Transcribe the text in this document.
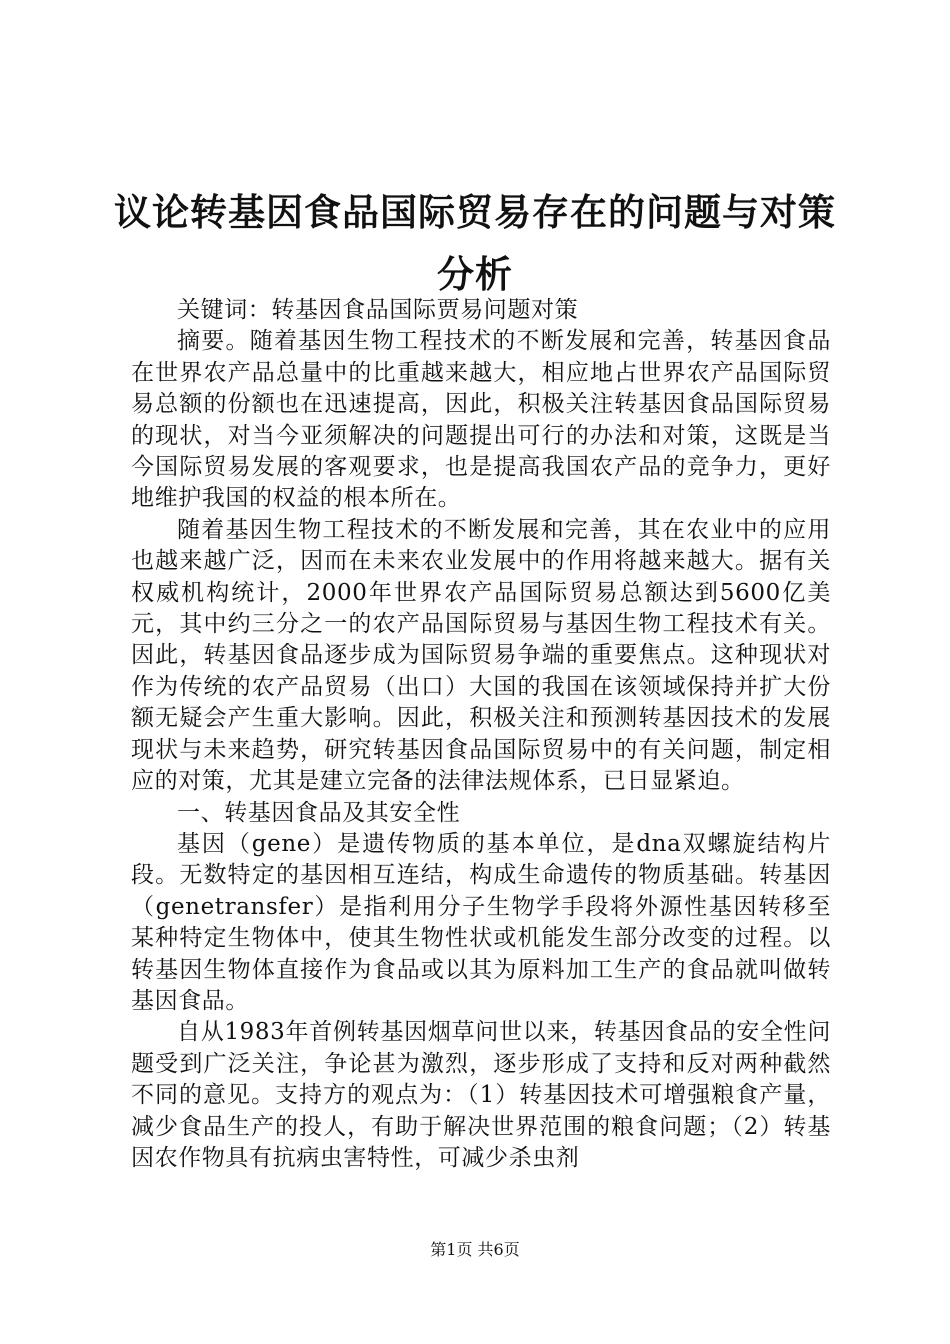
议论转基因食品国际贸易存在的问题与对策分析

关键词：转基因食品国际贾易问题对策

摘要。随着基因生物工程技术的不断发展和完善，转基因食品在世界农产品总量中的比重越来越大，相应地占世界农产品国际贸易总额的份额也在迅速提高，因此，积极关注转基因食品国际贸易的现状，对当今亚须解决的问题提出可行的办法和对策，这既是当今国际贸易发展的客观要求，也是提高我国农产品的竞争力，更好地维护我国的权益的根本所在。

随着基因生物工程技术的不断发展和完善，其在农业中的应用也越来越广泛，因而在未来农业发展中的作用将越来越大。据有关权威机构统计，2000年世界农产品国际贸易总额达到5600亿美元，其中约三分之一的农产品国际贸易与基因生物工程技术有关。因此，转基因食品逐步成为国际贸易争端的重要焦点。这种现状对作为传统的农产品贸易（出口）大国的我国在该领域保持并扩大份额无疑会产生重大影响。因此，积极关注和预测转基因技术的发展现状与未来趋势，研究转基因食品国际贸易中的有关问题，制定相应的对策，尤其是建立完备的法律法规体系，已日显紧迫。

一、转基因食品及其安全性

基因（gene）是遗传物质的基本单位，是dna双螺旋结构片段。无数特定的基因相互连结，构成生命遗传的物质基础。转基因（genetransfer）是指利用分子生物学手段将外源性基因转移至某种特定生物体中，使其生物性状或机能发生部分改变的过程。以转基因生物体直接作为食品或以其为原料加工生产的食品就叫做转基因食品。

自从1983年首例转基因烟草问世以来，转基因食品的安全性问题受到广泛关注，争论甚为激烈，逐步形成了支持和反对两种截然不同的意见。支持方的观点为：（1）转基因技术可增强粮食产量，减少食品生产的投人，有助于解决世界范围的粮食问题；（2）转基因农作物具有抗病虫害特性，可减少杀虫剂

第1页 共6页
